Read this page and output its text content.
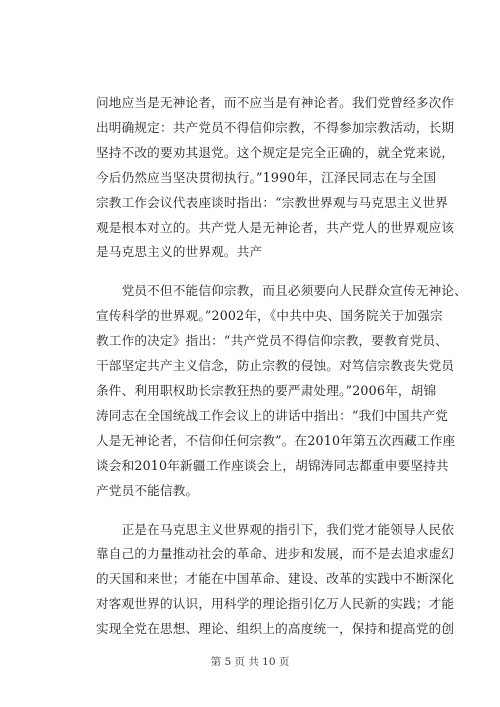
问地应当是无神论者，而不应当是有神论者。我们党曾经多次作
出明确规定：共产党员不得信仰宗教，不得参加宗教活动，长期
坚持不改的要劝其退党。这个规定是完全正确的，就全党来说，
今后仍然应当坚决贯彻执行。”1990年，江泽民同志在与全国
宗教工作会议代表座谈时指出：“宗教世界观与马克思主义世界
观是根本对立的。共产党人是无神论者，共产党人的世界观应该
是马克思主义的世界观。共产

　　党员不但不能信仰宗教，而且必须要向人民群众宣传无神论、
宣传科学的世界观。”2002年，《中共中央、国务院关于加强宗
教工作的决定》指出：“共产党员不得信仰宗教，要教育党员、
干部坚定共产主义信念，防止宗教的侵蚀。对笃信宗教丧失党员
条件、利用职权助长宗教狂热的要严肃处理。”2006年，胡锦
涛同志在全国统战工作会议上的讲话中指出：“我们中国共产党
人是无神论者，不信仰任何宗教”。在2010年第五次西藏工作座
谈会和2010年新疆工作座谈会上，胡锦涛同志都重申要坚持共
产党员不能信教。

　　正是在马克思主义世界观的指引下，我们党才能领导人民依
靠自己的力量推动社会的革命、进步和发展，而不是去追求虚幻
的天国和来世；才能在中国革命、建设、改革的实践中不断深化
对客观世界的认识，用科学的理论指引亿万人民新的实践；才能
实现全党在思想、理论、组织上的高度统一，保持和提高党的创

第 5 页 共 10 页
